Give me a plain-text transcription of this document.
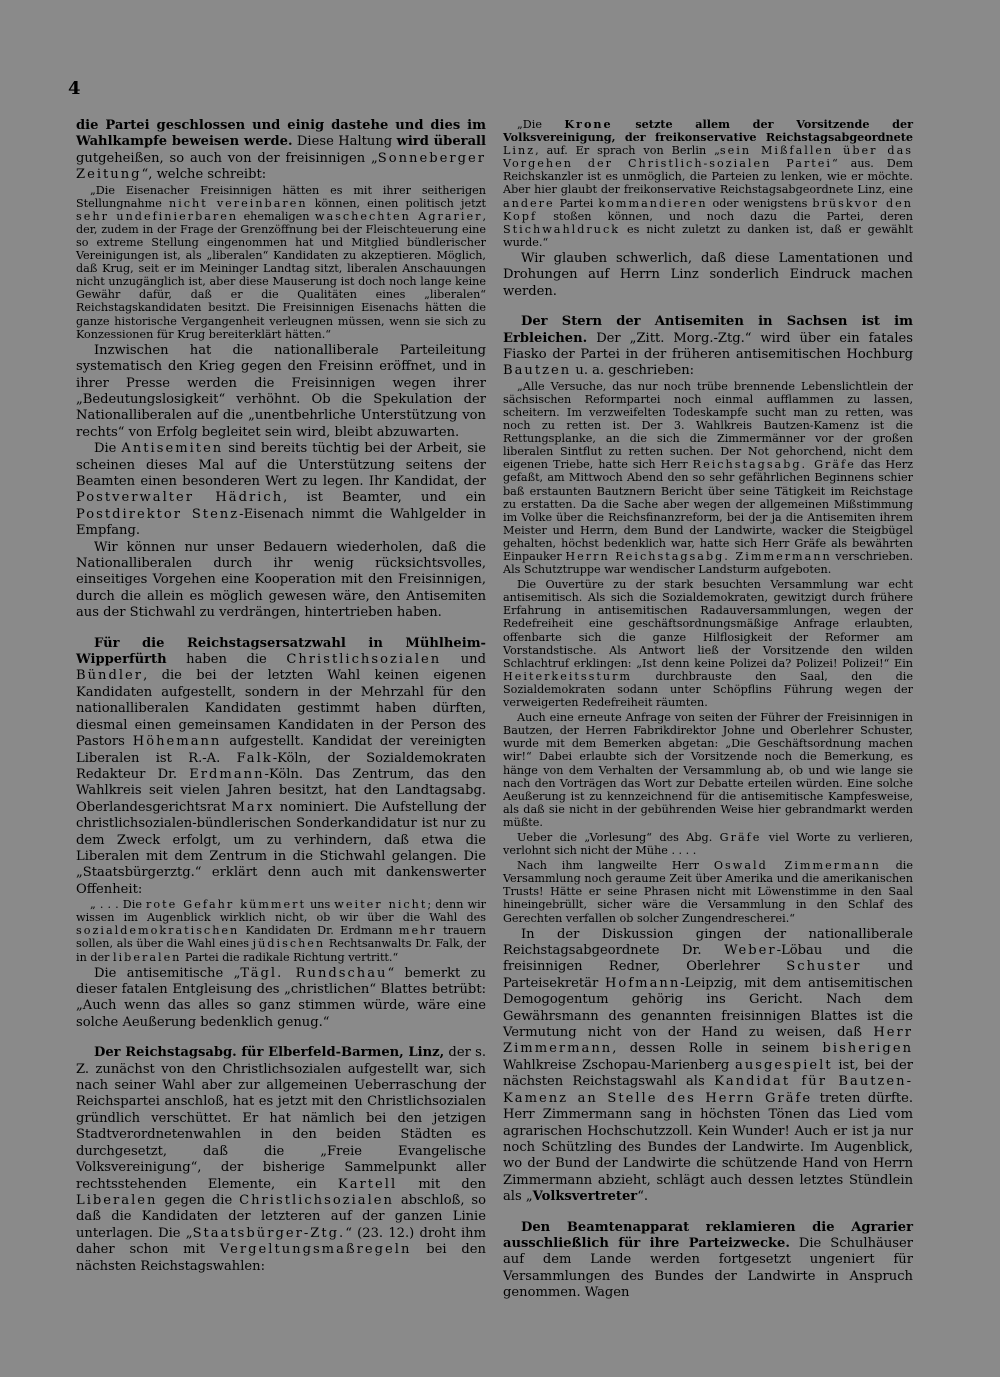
4

die Partei geschlossen und einig dastehe und dies im Wahlkampfe beweisen werde. Diese Haltung wird überall gutgeheißen, so auch von der freisinnigen „Sonneberger Zeitung“, welche schreibt:

„Die Eisenacher Freisinnigen hätten es mit ihrer seitherigen Stellungnahme nicht vereinbaren können, einen politisch jetzt sehr undefinierbaren ehemaligen waschechten Agrarier, der, zudem in der Frage der Grenzöffnung bei der Fleischteuerung eine so extreme Stellung eingenommen hat und Mitglied bündlerischer Vereinigungen ist, als „liberalen“ Kandidaten zu akzeptieren. Möglich, daß Krug, seit er im Meininger Landtag sitzt, liberalen Anschauungen nicht unzugänglich ist, aber diese Mauserung ist doch noch lange keine Gewähr dafür, daß er die Qualitäten eines „liberalen“ Reichstagskandidaten besitzt. Die Freisinnigen Eisenachs hätten die ganze historische Vergangenheit verleugnen müssen, wenn sie sich zu Konzessionen für Krug bereiterklärt hätten.“

Inzwischen hat die nationalliberale Parteileitung systematisch den Krieg gegen den Freisinn eröffnet, und in ihrer Presse werden die Freisinnigen wegen ihrer „Bedeutungslosigkeit“ verhöhnt. Ob die Spekulation der Nationalliberalen auf die „unentbehrliche Unterstützung von rechts“ von Erfolg begleitet sein wird, bleibt abzuwarten.

Die Antisemiten sind bereits tüchtig bei der Arbeit, sie scheinen dieses Mal auf die Unterstützung seitens der Beamten einen besonderen Wert zu legen. Ihr Kandidat, der Postverwalter Hädrich, ist Beamter, und ein Postdirektor Stenz-Eisenach nimmt die Wahlgelder in Empfang.

Wir können nur unser Bedauern wiederholen, daß die Nationalliberalen durch ihr wenig rücksichtsvolles, einseitiges Vorgehen eine Kooperation mit den Freisinnigen, durch die allein es möglich gewesen wäre, den Antisemiten aus der Stichwahl zu verdrängen, hintertrieben haben.

Für die Reichstagsersatzwahl in Mühlheim-Wipperfürth haben die Christlichsozialen und Bündler, die bei der letzten Wahl keinen eigenen Kandidaten aufgestellt, sondern in der Mehrzahl für den nationalliberalen Kandidaten gestimmt haben dürften, diesmal einen gemeinsamen Kandidaten in der Person des Pastors Höhemann aufgestellt. Kandidat der vereinigten Liberalen ist R.-A. Falk-Köln, der Sozialdemokraten Redakteur Dr. Erdmann-Köln. Das Zentrum, das den Wahlkreis seit vielen Jahren besitzt, hat den Landtagsabg. Oberlandesgerichtsrat Marx nominiert. Die Aufstellung der christlichsozialen-bündlerischen Sonderkandidatur ist nur zu dem Zweck erfolgt, um zu verhindern, daß etwa die Liberalen mit dem Zentrum in die Stichwahl gelangen. Die „Staatsbürgerztg.“ erklärt denn auch mit dankenswerter Offenheit:

„ . . . Die rote Gefahr kümmert uns weiter nicht; denn wir wissen im Augenblick wirklich nicht, ob wir über die Wahl des sozialdemokratischen Kandidaten Dr. Erdmann mehr trauern sollen, als über die Wahl eines jüdischen Rechtsanwalts Dr. Falk, der in der liberalen Partei die radikale Richtung vertritt.“

Die antisemitische „Tägl. Rundschau“ bemerkt zu dieser fatalen Entgleisung des „christlichen“ Blattes betrübt: „Auch wenn das alles so ganz stimmen würde, wäre eine solche Aeußerung bedenklich genug.“

Der Reichstagsabg. für Elberfeld-Barmen, Linz, der s. Z. zunächst von den Christlichsozialen aufgestellt war, sich nach seiner Wahl aber zur allgemeinen Ueberraschung der Reichspartei anschloß, hat es jetzt mit den Christlichsozialen gründlich verschüttet. Er hat nämlich bei den jetzigen Stadtverordnetenwahlen in den beiden Städten es durchgesetzt, daß die „Freie Evangelische Volksvereinigung“, der bisherige Sammelpunkt aller rechtsstehenden Elemente, ein Kartell mit den Liberalen gegen die Christlichsozialen abschloß, so daß die Kandidaten der letzteren auf der ganzen Linie unterlagen. Die „Staatsbürger-Ztg.“ (23. 12.) droht ihm daher schon mit Vergeltungsmaßregeln bei den nächsten Reichstagswahlen:

„Die Krone setzte allem der Vorsitzende der Volksvereinigung, der freikonservative Reichstagsabgeordnete Linz, auf. Er sprach von Berlin „sein Mißfallen über das Vorgehen der Christlich-sozialen Partei“ aus. Dem Reichskanzler ist es unmöglich, die Parteien zu lenken, wie er möchte. Aber hier glaubt der freikonservative Reichstagsabgeordnete Linz, eine andere Partei kommandieren oder wenigstens brüskvor den Kopf stoßen können, und noch dazu die Partei, deren Stichwahldruck es nicht zuletzt zu danken ist, daß er gewählt wurde.“

Wir glauben schwerlich, daß diese Lamentationen und Drohungen auf Herrn Linz sonderlich Eindruck machen werden.

Der Stern der Antisemiten in Sachsen ist im Erbleichen. Der „Zitt. Morg.-Ztg.“ wird über ein fatales Fiasko der Partei in der früheren antisemitischen Hochburg Bautzen u. a. geschrieben:

„Alle Versuche, das nur noch trübe brennende Lebenslichtlein der sächsischen Reformpartei noch einmal aufflammen zu lassen, scheitern. Im verzweifelten Todeskampfe sucht man zu retten, was noch zu retten ist. Der 3. Wahlkreis Bautzen-Kamenz ist die Rettungsplanke, an die sich die Zimmermänner vor der großen liberalen Sintflut zu retten suchen. Der Not gehorchend, nicht dem eigenen Triebe, hatte sich Herr Reichstagsabg. Gräfe das Herz gefaßt, am Mittwoch Abend den so sehr gefährlichen Beginnens schier baß erstaunten Bautznern Bericht über seine Tätigkeit im Reichstage zu erstatten. Da die Sache aber wegen der allgemeinen Mißstimmung im Volke über die Reichsfinanzreform, bei der ja die Antisemiten ihrem Meister und Herrn, dem Bund der Landwirte, wacker die Steigbügel gehalten, höchst bedenklich war, hatte sich Herr Gräfe als bewährten Einpauker Herrn Reichstagsabg. Zimmermann verschrieben. Als Schutztruppe war wendischer Landsturm aufgeboten.

Die Ouvertüre zu der stark besuchten Versammlung war echt antisemitisch. Als sich die Sozialdemokraten, gewitzigt durch frühere Erfahrung in antisemitischen Radauversammlungen, wegen der Redefreiheit eine geschäftsordnungsmäßige Anfrage erlaubten, offenbarte sich die ganze Hilflosigkeit der Reformer am Vorstandstische. Als Antwort ließ der Vorsitzende den wilden Schlachtruf erklingen: „Ist denn keine Polizei da? Polizei! Polizei!“ Ein Heiterkeitssturm durchbrauste den Saal, den die Sozialdemokraten sodann unter Schöpflins Führung wegen der verweigerten Redefreiheit räumten.

Auch eine erneute Anfrage von seiten der Führer der Freisinnigen in Bautzen, der Herren Fabrikdirektor Johne und Oberlehrer Schuster, wurde mit dem Bemerken abgetan: „Die Geschäftsordnung machen wir!“ Dabei erlaubte sich der Vorsitzende noch die Bemerkung, es hänge von dem Verhalten der Versammlung ab, ob und wie lange sie nach den Vorträgen das Wort zur Debatte erteilen würden. Eine solche Aeußerung ist zu kennzeichnend für die antisemitische Kampfesweise, als daß sie nicht in der gebührenden Weise hier gebrandmarkt werden müßte.

Ueber die „Vorlesung“ des Abg. Gräfe viel Worte zu verlieren, verlohnt sich nicht der Mühe . . . .

Nach ihm langweilte Herr Oswald Zimmermann die Versammlung noch geraume Zeit über Amerika und die amerikanischen Trusts! Hätte er seine Phrasen nicht mit Löwenstimme in den Saal hineingebrüllt, sicher wäre die Versammlung in den Schlaf des Gerechten verfallen ob solcher Zungendrescherei.“

In der Diskussion gingen der nationalliberale Reichstagsabgeordnete Dr. Weber-Löbau und die freisinnigen Redner, Oberlehrer Schuster und Parteisekretär Hofmann-Leipzig, mit dem antisemitischen Demogogentum gehörig ins Gericht. Nach dem Gewährsmann des genannten freisinnigen Blattes ist die Vermutung nicht von der Hand zu weisen, daß Herr Zimmermann, dessen Rolle in seinem bisherigen Wahlkreise Zschopau-Marienberg ausgespielt ist, bei der nächsten Reichstagswahl als Kandidat für Bautzen-Kamenz an Stelle des Herrn Gräfe treten dürfte. Herr Zimmermann sang in höchsten Tönen das Lied vom agrarischen Hochschutzzoll. Kein Wunder! Auch er ist ja nur noch Schützling des Bundes der Landwirte. Im Augenblick, wo der Bund der Landwirte die schützende Hand von Herrn Zimmermann abzieht, schlägt auch dessen letztes Stündlein als „Volksvertreter“.

Den Beamtenapparat reklamieren die Agrarier ausschließlich für ihre Parteizwecke. Die Schulhäuser auf dem Lande werden fortgesetzt ungeniert für Versammlungen des Bundes der Landwirte in Anspruch genommen. Wagen
